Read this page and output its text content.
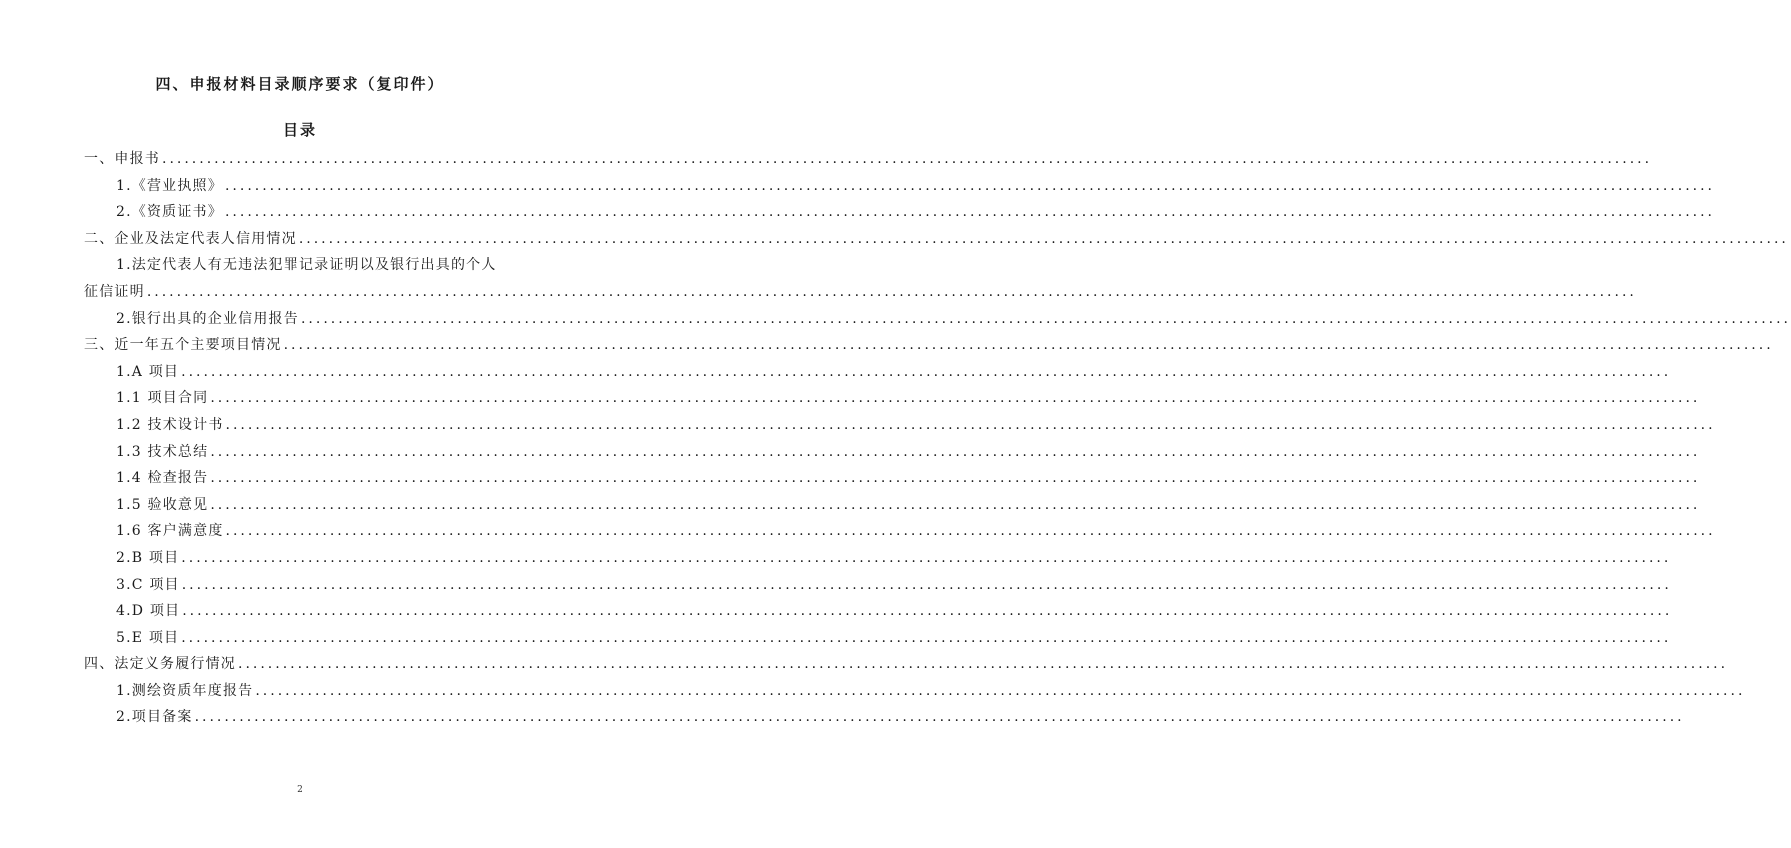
四、申报材料目录顺序要求（复印件）
目录
一、申报书 ........................................................................................................................................................................................................
1.《营业执照》 ........................................................................................................................................................................................................
2.《资质证书》 ........................................................................................................................................................................................................
二、企业及法定代表人信用情况 ........................................................................................................................................................................................................
1.法定代表人有无违法犯罪记录证明以及银行出具的个人
征信证明 ........................................................................................................................................................................................................
2.银行出具的企业信用报告 ........................................................................................................................................................................................................
三、近一年五个主要项目情况 ........................................................................................................................................................................................................
1.A 项目 ........................................................................................................................................................................................................
1.1 项目合同 ........................................................................................................................................................................................................
1.2 技术设计书 ........................................................................................................................................................................................................
1.3 技术总结 ........................................................................................................................................................................................................
1.4 检查报告 ........................................................................................................................................................................................................
1.5 验收意见 ........................................................................................................................................................................................................
1.6 客户满意度 ........................................................................................................................................................................................................
2.B 项目 ........................................................................................................................................................................................................
3.C 项目 ........................................................................................................................................................................................................
4.D 项目 ........................................................................................................................................................................................................
5.E 项目 ........................................................................................................................................................................................................
四、法定义务履行情况 ........................................................................................................................................................................................................
1.测绘资质年度报告 ........................................................................................................................................................................................................
2.项目备案 ........................................................................................................................................................................................................
2
